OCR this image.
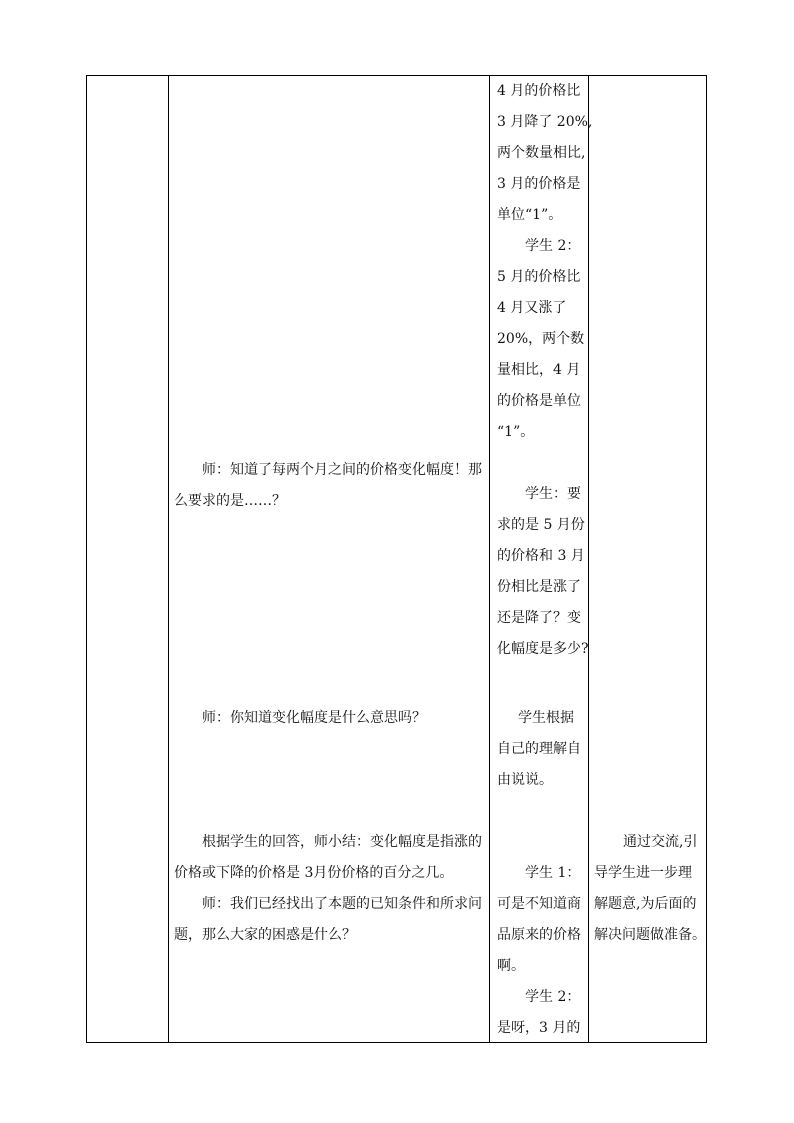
师：知道了每两个月之间的价格变化幅度！那
么要求的是……？
师：你知道变化幅度是什么意思吗？
根据学生的回答，师小结：变化幅度是指涨的
价格或下降的价格是 3月份价格的百分之几。
师：我们已经找出了本题的已知条件和所求问
题，那么大家的困惑是什么？
4 月的价格比
3 月降了 20%,
两个数量相比,
3 月的价格是
单位“1”。
学生 2：
5 月的价格比
4 月又涨了
20%，两个数
量相比，4 月
的价格是单位
“1”。
学生：要
求的是 5 月份
的价格和 3 月
份相比是涨了
还是降了？变
化幅度是多少?
学生根据
自己的理解自
由说说。
学生 1：
可是不知道商
品原来的价格
啊。
学生 2：
是呀，3 月的
通过交流,引
导学生进一步理
解题意,为后面的
解决问题做准备。
